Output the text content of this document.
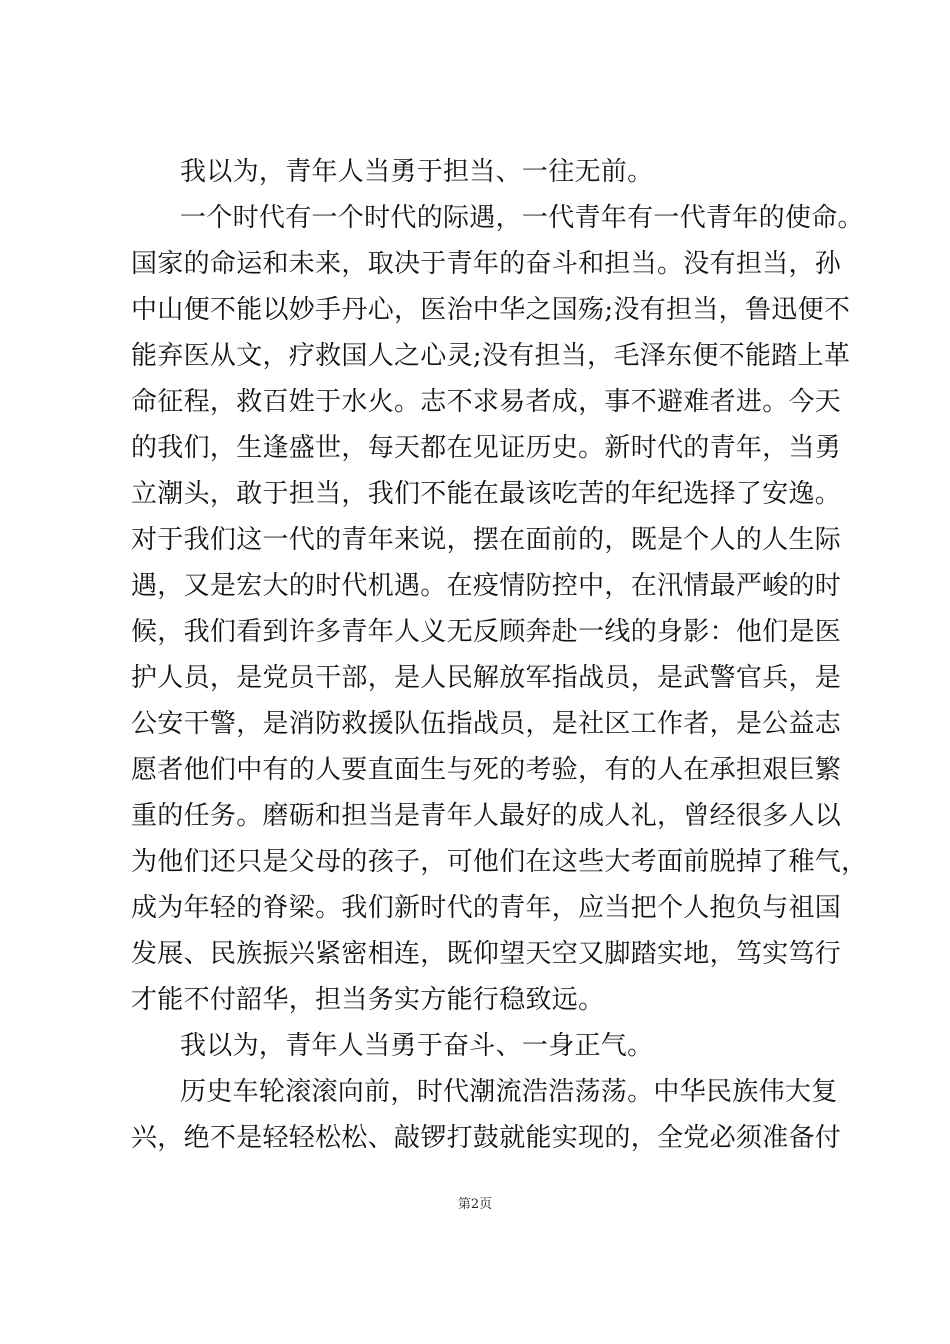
我以为，青年人当勇于担当、一往无前。
一个时代有一个时代的际遇，一代青年有一代青年的使命。
国家的命运和未来，取决于青年的奋斗和担当。没有担当，孙
中山便不能以妙手丹心，医治中华之国殇;没有担当，鲁迅便不
能弃医从文，疗救国人之心灵;没有担当，毛泽东便不能踏上革
命征程，救百姓于水火。志不求易者成，事不避难者进。今天
的我们，生逢盛世，每天都在见证历史。新时代的青年，当勇
立潮头，敢于担当，我们不能在最该吃苦的年纪选择了安逸。
对于我们这一代的青年来说，摆在面前的，既是个人的人生际
遇，又是宏大的时代机遇。在疫情防控中，在汛情最严峻的时
候，我们看到许多青年人义无反顾奔赴一线的身影：他们是医
护人员，是党员干部，是人民解放军指战员，是武警官兵，是
公安干警，是消防救援队伍指战员，是社区工作者，是公益志
愿者他们中有的人要直面生与死的考验，有的人在承担艰巨繁
重的任务。磨砺和担当是青年人最好的成人礼，曾经很多人以
为他们还只是父母的孩子，可他们在这些大考面前脱掉了稚气，
成为年轻的脊梁。我们新时代的青年，应当把个人抱负与祖国
发展、民族振兴紧密相连，既仰望天空又脚踏实地，笃实笃行
才能不付韶华，担当务实方能行稳致远。
我以为，青年人当勇于奋斗、一身正气。
历史车轮滚滚向前，时代潮流浩浩荡荡。中华民族伟大复
兴，绝不是轻轻松松、敲锣打鼓就能实现的，全党必须准备付
第2页
